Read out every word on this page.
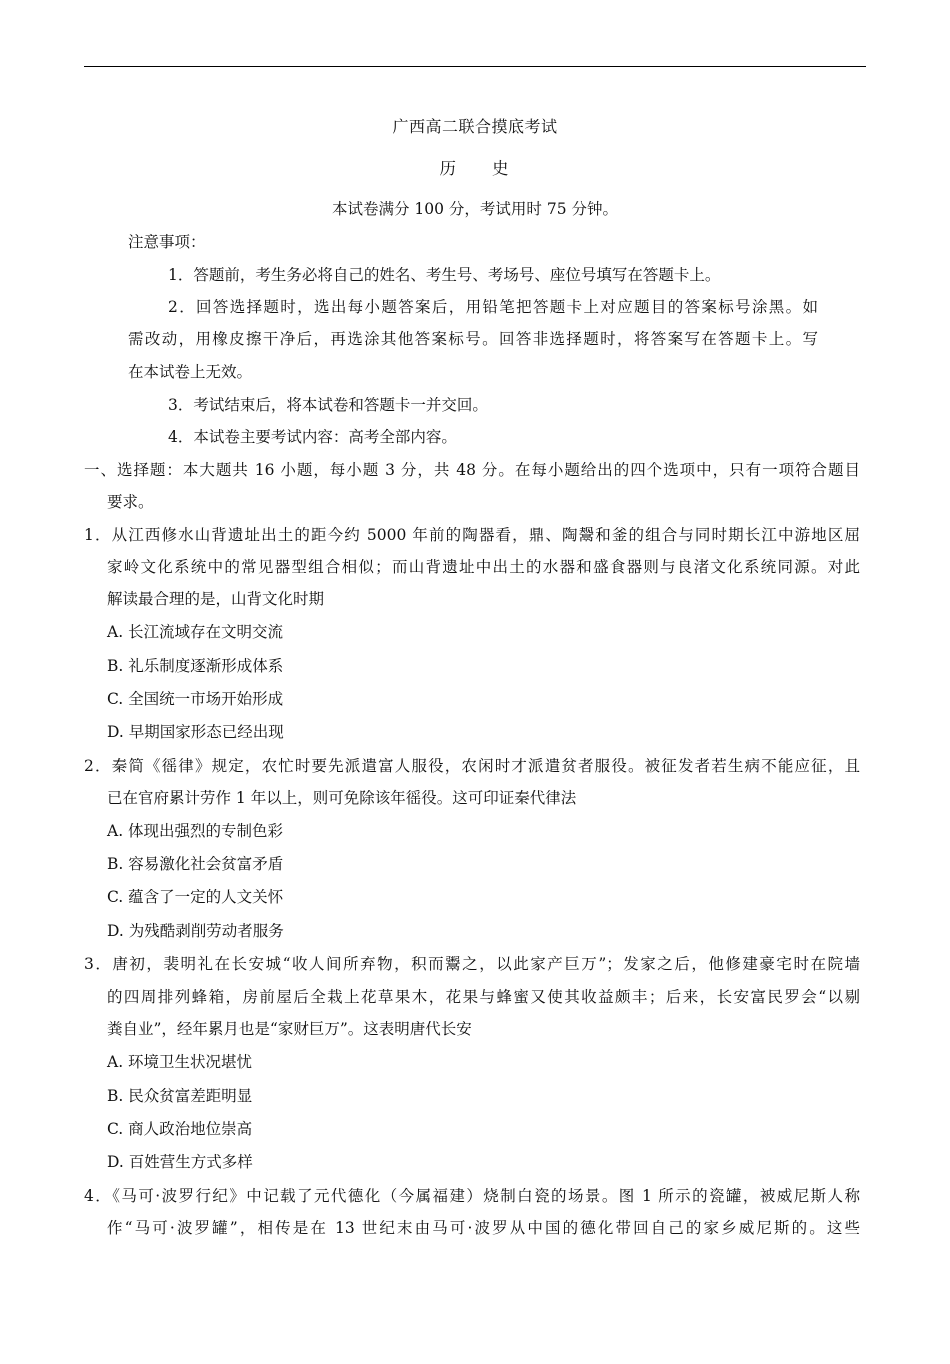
广西高二联合摸底考试
历 史
本试卷满分 100 分，考试用时 75 分钟。
注意事项：
1．答题前，考生务必将自己的姓名、考生号、考场号、座位号填写在答题卡上。
2．回答选择题时，选出每小题答案后，用铅笔把答题卡上对应题目的答案标号涂黑。如
需改动，用橡皮擦干净后，再选涂其他答案标号。回答非选择题时，将答案写在答题卡上。写
在本试卷上无效。
3．考试结束后，将本试卷和答题卡一并交回。
4．本试卷主要考试内容：高考全部内容。
一、选择题：本大题共 16 小题，每小题 3 分，共 48 分。在每小题给出的四个选项中，只有一项符合题目
要求。
1．从江西修水山背遗址出土的距今约 5000 年前的陶器看，鼎、陶鬶和釜的组合与同时期长江中游地区屈
家岭文化系统中的常见器型组合相似；而山背遗址中出土的水器和盛食器则与良渚文化系统同源。对此
解读最合理的是，山背文化时期
A. 长江流域存在文明交流
B. 礼乐制度逐渐形成体系
C. 全国统一市场开始形成
D. 早期国家形态已经出现
2．秦简《徭律》规定，农忙时要先派遣富人服役，农闲时才派遣贫者服役。被征发者若生病不能应征，且
已在官府累计劳作 1 年以上，则可免除该年徭役。这可印证秦代律法
A. 体现出强烈的专制色彩
B. 容易激化社会贫富矛盾
C. 蕴含了一定的人文关怀
D. 为残酷剥削劳动者服务
3．唐初，裴明礼在长安城“收人间所弃物，积而鬻之，以此家产巨万”；发家之后，他修建豪宅时在院墙
的四周排列蜂箱，房前屋后全栽上花草果木，花果与蜂蜜又使其收益颇丰；后来，长安富民罗会“以剔
粪自业”，经年累月也是“家财巨万”。这表明唐代长安
A. 环境卫生状况堪忧
B. 民众贫富差距明显
C. 商人政治地位崇高
D. 百姓营生方式多样
4．《马可·波罗行纪》中记载了元代德化（今属福建）烧制白瓷的场景。图 1 所示的瓷罐，被威尼斯人称
作“马可·波罗罐”，相传是在 13 世纪末由马可·波罗从中国的德化带回自己的家乡威尼斯的。这些
